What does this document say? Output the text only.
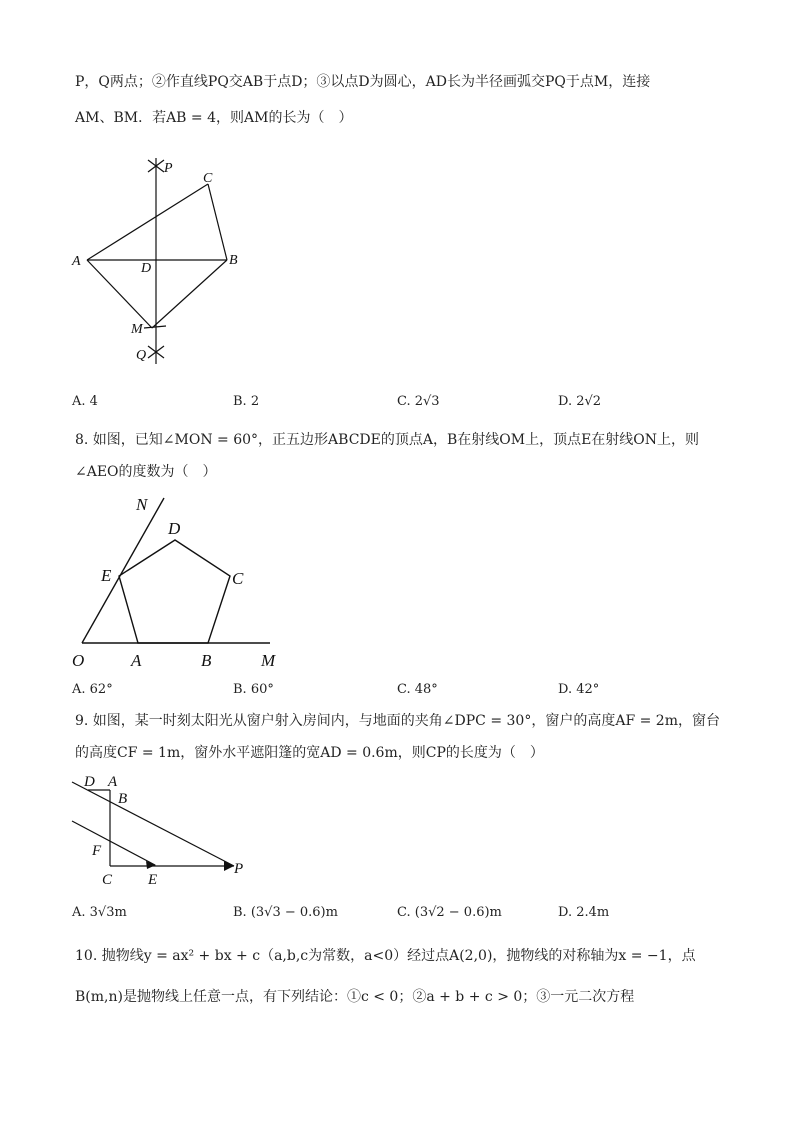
P，Q两点；②作直线PQ交AB于点D；③以点D为圆心，AD长为半径画弧交PQ于点M，连接
AM、BM．若AB = 4，则AM的长为（　）
P
C
A	D
B
M
Q
A. 4	B. 2	C. 2√3	D. 2√2
8. 如图，已知∠MON = 60°，正五边形ABCDE的顶点A，B在射线OM上，顶点E在射线ON上，则
∠AEO的度数为（　）
N
D
E	C
O	A	B	M
A. 62°	B. 60°	C. 48°	D. 42°
9. 如图，某一时刻太阳光从窗户射入房间内，与地面的夹角∠DPC = 30°，窗户的高度AF = 2m，窗台
的高度CF = 1m，窗外水平遮阳篷的宽AD = 0.6m，则CP的长度为（　）
D A
B
F
C E
P
A. 3√3m	B. (3√3 − 0.6)m	C. (3√2 − 0.6)m	D. 2.4m
10. 抛物线y = ax² + bx + c（a,b,c为常数，a<0）经过点A(2,0)，抛物线的对称轴为x = −1，点
B(m,n)是抛物线上任意一点，有下列结论：①c < 0；②a + b + c > 0；③一元二次方程
